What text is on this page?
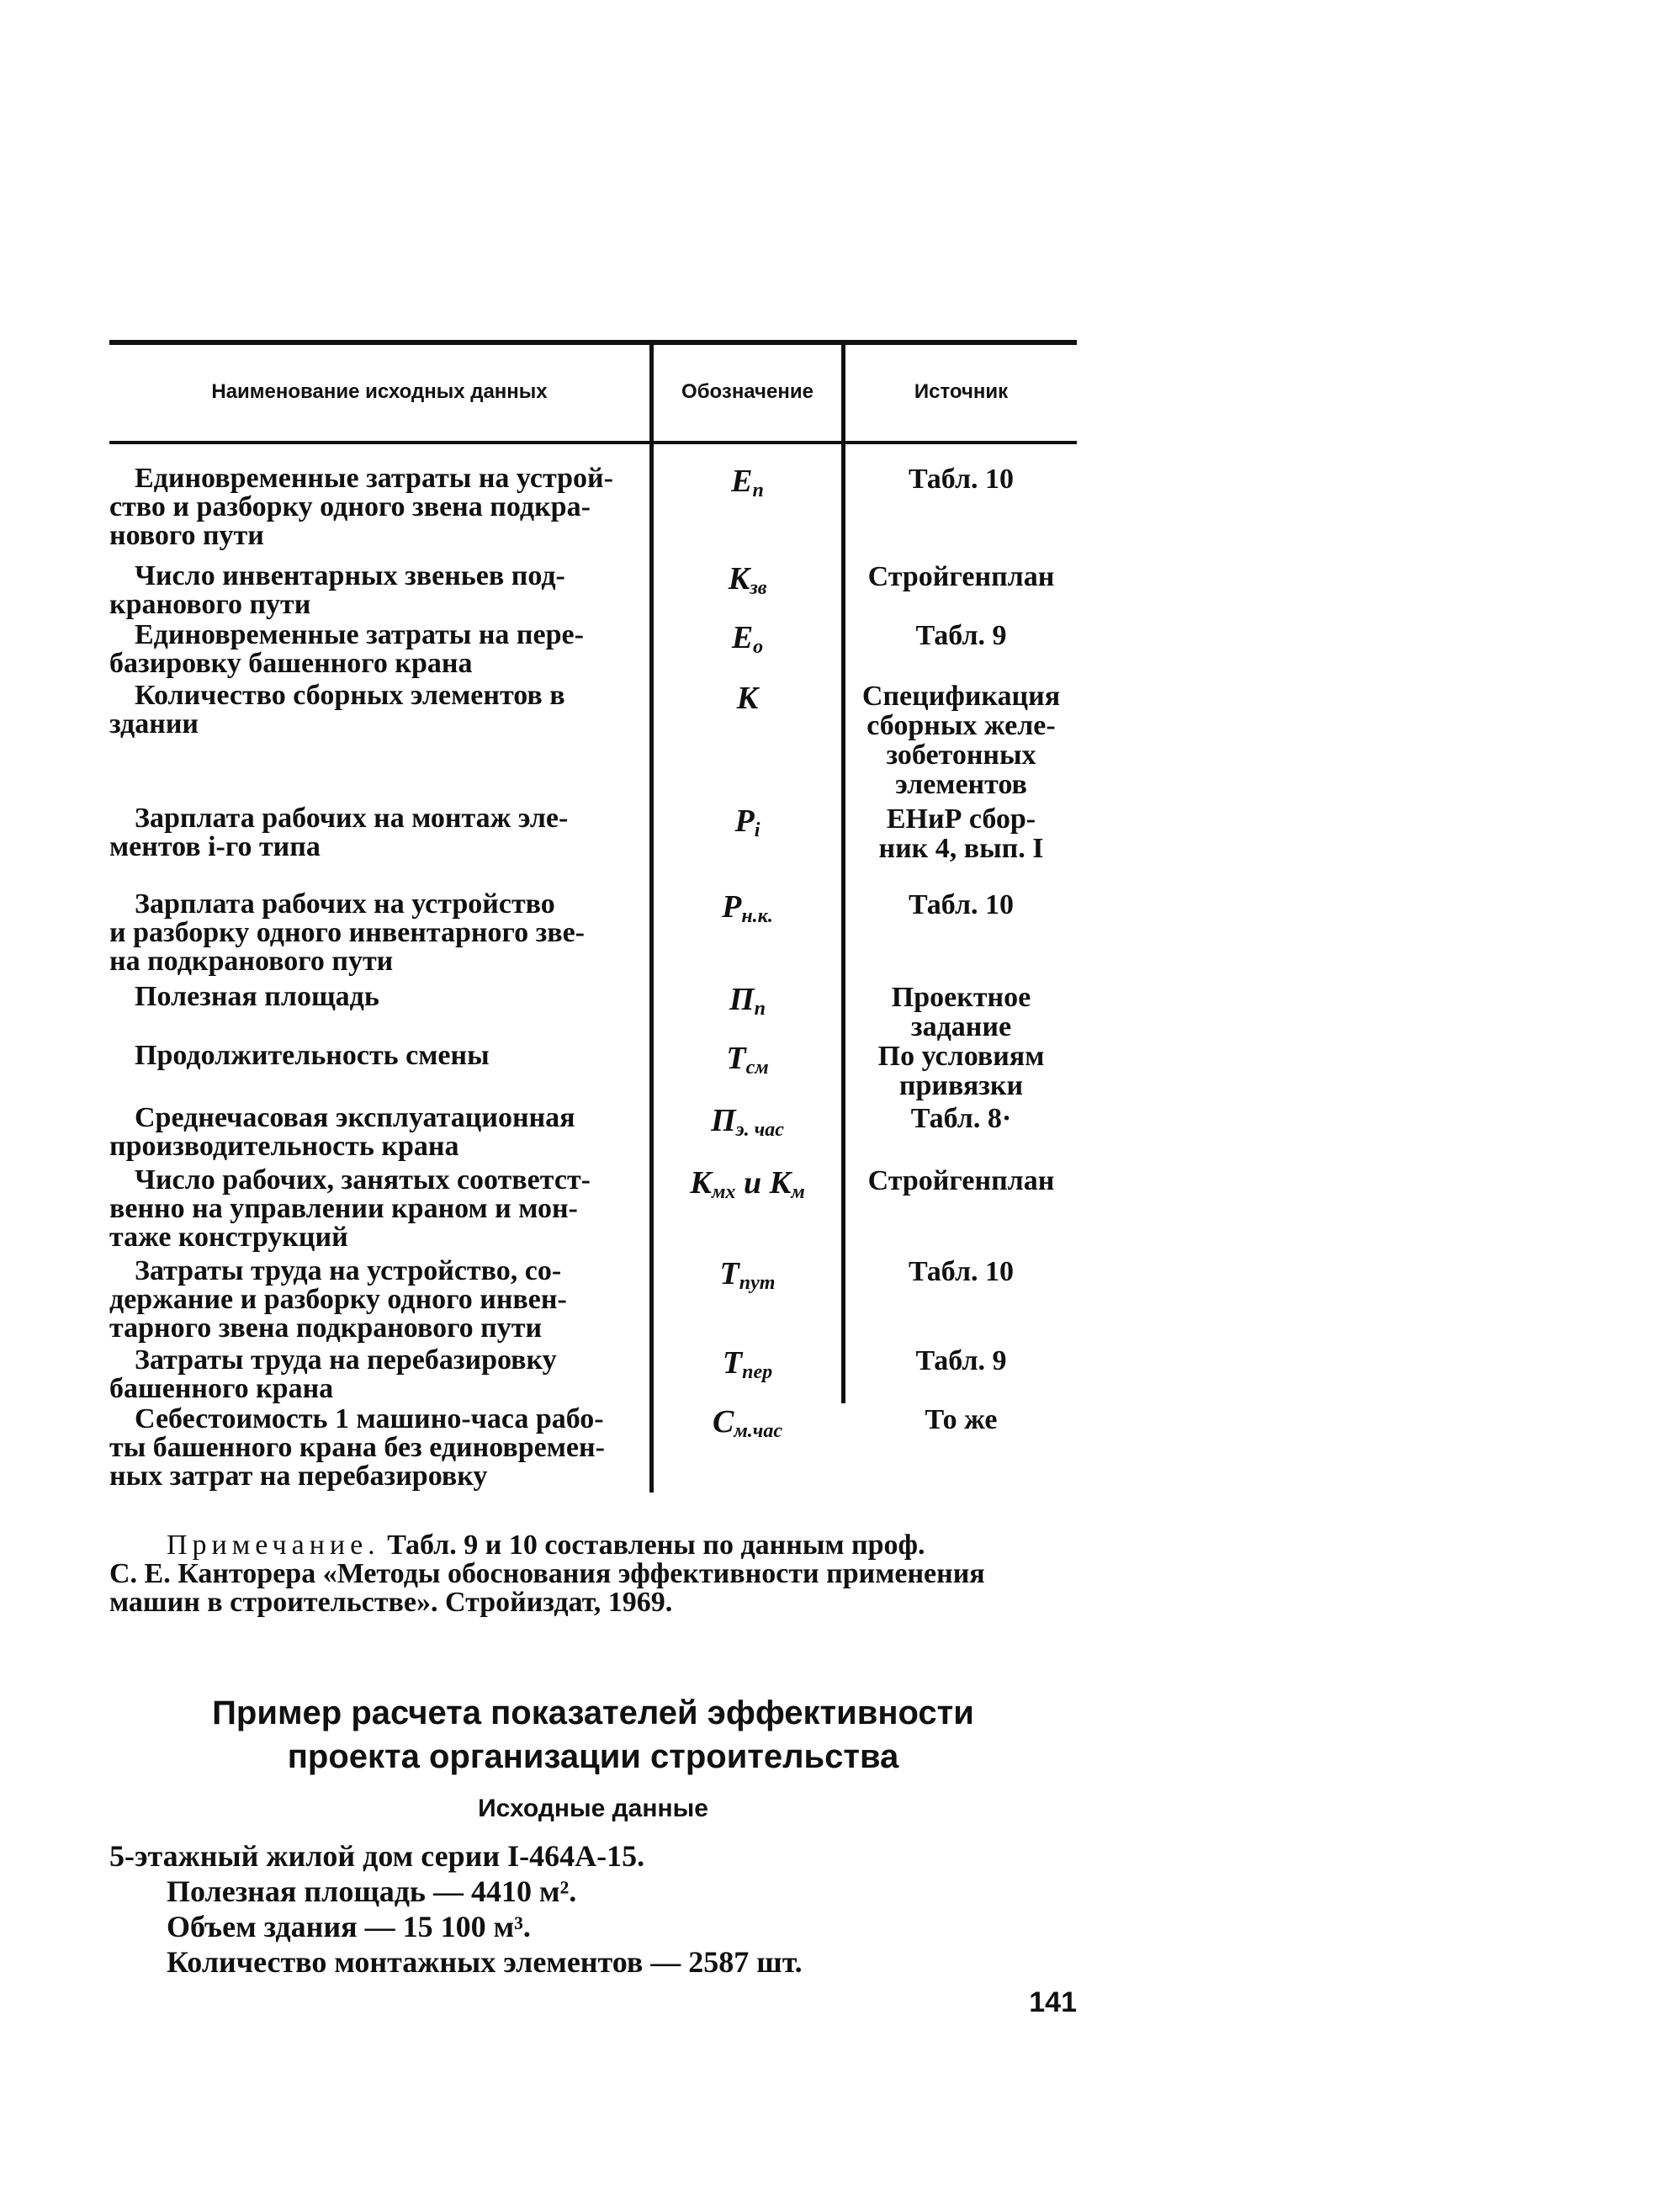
Наименование исходных данных	Обозначение	Источник
Единовременные затраты на устрой-
ство и разборку одного звена подкра-
нового пути
$Е_п$	Табл. 10
Число инвентарных звеньев под-
кранового пути
$К_{зв}$	Стройгенплан
Единовременные затраты на пере-
базировку башенного крана
$Е_о$	Табл. 9
Количество сборных элементов в
здании
К	Спецификация
сборных желе-
зобетонных
элементов
Зарплата рабочих на монтаж эле-
ментов i-го типа
$Р_i$	ЕНиР сбор-
ник 4, вып. I
Зарплата рабочих на устройство
и разборку одного инвентарного зве-
на подкранового пути
$Р_{н.к.}$	Табл. 10
Полезная площадь	$П_п$	Проектное
задание
Продолжительность смены	$Т_{см}$	По условиям
привязки
Среднечасовая эксплуатационная
производительность крана
$П_{э. час}$	Табл. 8·
Число рабочих, занятых соответст-
венно на управлении краном и мон-
таже конструкций
$К_{мх}$ и $К_м$	Стройгенплан
Затраты труда на устройство, со-
держание и разборку одного инвен-
тарного звена подкранового пути
$Т_{пут}$	Табл. 10
Затраты труда на перебазировку
башенного крана
$Т_{пер}$	Табл. 9
Себестоимость 1 машино-часа рабо-
ты башенного крана без единовремен-
ных затрат на перебазировку
$С_{м.час}$	То же
Примечание. Табл. 9 и 10 составлены по данным проф.
С. Е. Канторера «Методы обоснования эффективности применения
машин в строительстве». Стройиздат, 1969.
Пример расчета показателей эффективности
проекта организации строительства
Исходные данные
5-этажный жилой дом серии I-464А-15.
Полезная площадь — 4410 м².
Объем здания — 15 100 м³.
Количество монтажных элементов — 2587 шт.
141
